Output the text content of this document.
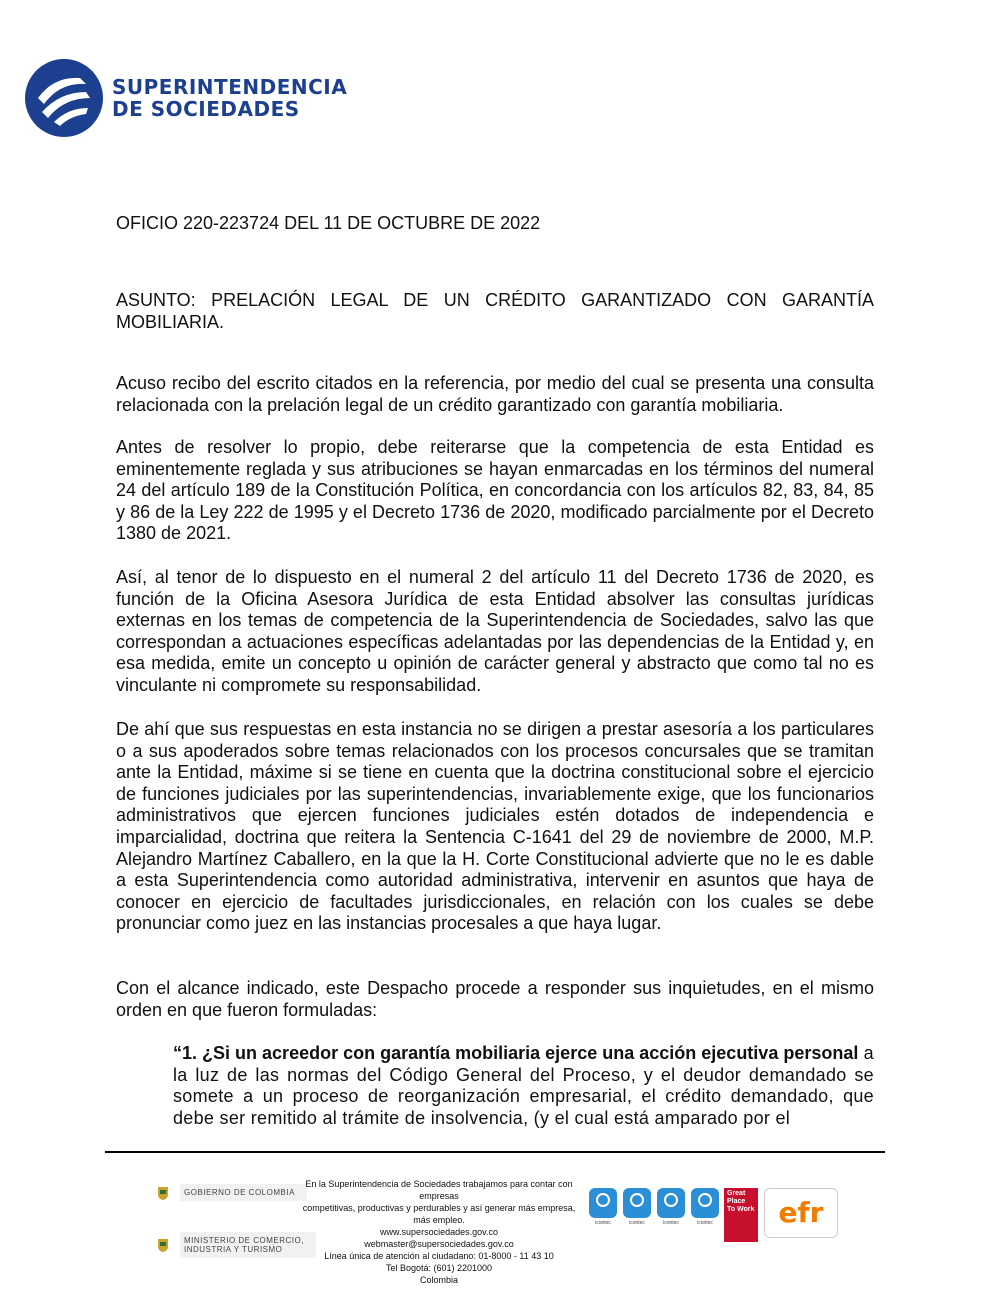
SUPERINTENDENCIA
DE SOCIEDADES
OFICIO 220-223724 DEL 11 DE OCTUBRE DE 2022
ASUNTO: PRELACIÓN LEGAL DE UN CRÉDITO GARANTIZADO CON GARANTÍA MOBILIARIA.

Acuso recibo del escrito citados en la referencia, por medio del cual se presenta una consulta relacionada con la prelación legal de un crédito garantizado con garantía mobiliaria.

Antes de resolver lo propio, debe reiterarse que la competencia de esta Entidad es eminentemente reglada y sus atribuciones se hayan enmarcadas en los términos del numeral 24 del artículo 189 de la Constitución Política, en concordancia con los artículos 82, 83, 84, 85 y 86 de la Ley 222 de 1995 y el Decreto 1736 de 2020, modificado parcialmente por el Decreto 1380 de 2021.

Así, al tenor de lo dispuesto en el numeral 2 del artículo 11 del Decreto 1736 de 2020, es función de la Oficina Asesora Jurídica de esta Entidad absolver las consultas jurídicas externas en los temas de competencia de la Superintendencia de Sociedades, salvo las que correspondan a actuaciones específicas adelantadas por las dependencias de la Entidad y, en esa medida, emite un concepto u opinión de carácter general y abstracto que como tal no es vinculante ni compromete su responsabilidad.

De ahí que sus respuestas en esta instancia no se dirigen a prestar asesoría a los particulares o a sus apoderados sobre temas relacionados con los procesos concursales que se tramitan ante la Entidad, máxime si se tiene en cuenta que la doctrina constitucional sobre el ejercicio de funciones judiciales por las superintendencias, invariablemente exige, que los funcionarios administrativos que ejercen funciones judiciales estén dotados de independencia e imparcialidad, doctrina que reitera la Sentencia C-1641 del 29 de noviembre de 2000, M.P. Alejandro Martínez Caballero, en la que la H. Corte Constitucional advierte que no le es dable a esta Superintendencia como autoridad administrativa, intervenir en asuntos que haya de conocer en ejercicio de facultades jurisdiccionales, en relación con los cuales se debe pronunciar como juez en las instancias procesales a que haya lugar.

Con el alcance indicado, este Despacho procede a responder sus inquietudes, en el mismo orden en que fueron formuladas:

“1. ¿Si un acreedor con garantía mobiliaria ejerce una acción ejecutiva personal a la luz de las normas del Código General del Proceso, y el deudor demandado se somete a un proceso de reorganización empresarial, el crédito demandado, que debe ser remitido al trámite de insolvencia, (y el cual está amparado por el
GOBIERNO DE COLOMBIA
MINISTERIO DE COMERCIO,
INDUSTRIA Y TURISMO
En la Superintendencia de Sociedades trabajamos para contar con empresas
competitivas, productivas y perdurables y así generar más empresa, más empleo.
www.supersociedades.gov.co
webmaster@supersociedades.gov.co
Línea única de atención al ciudadano: 01-8000 - 11 43 10
Tel Bogotá: (601) 2201000
Colombia
icontec	icontec	icontec	icontec
Great Place To Work efr
